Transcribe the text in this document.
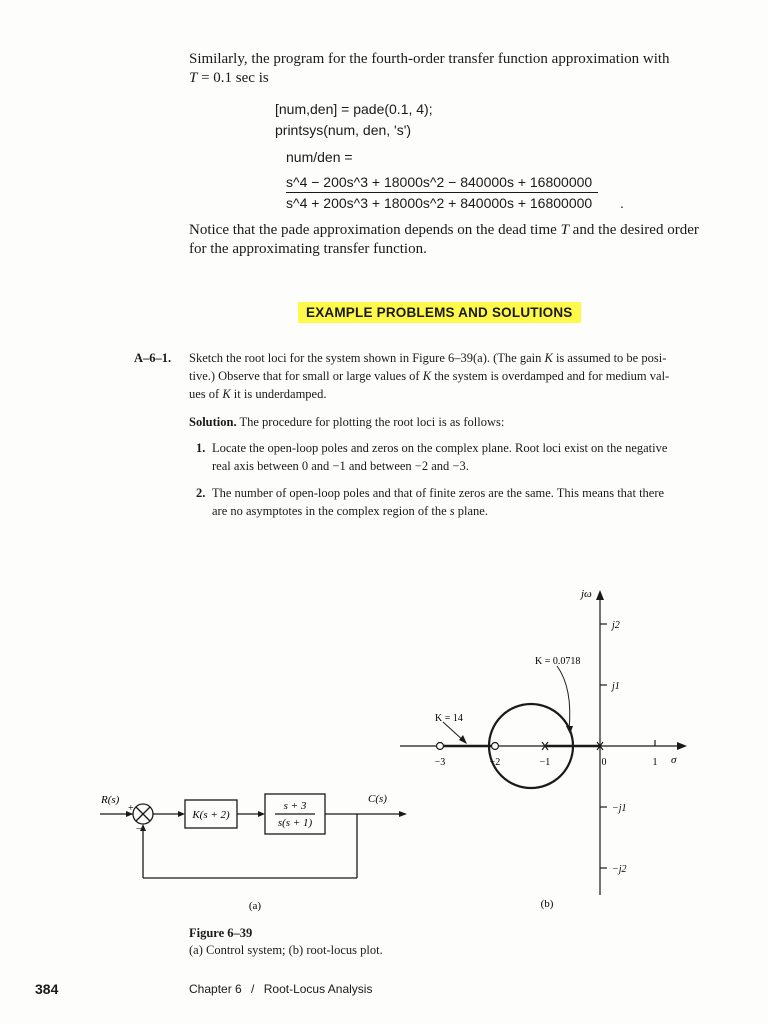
Similarly, the program for the fourth-order transfer function approximation with
T = 0.1 sec is
[num,den] = pade(0.1, 4);
printsys(num, den, 's')
num/den =
s^4 − 200s^3 + 18000s^2 − 840000s + 16800000
s^4 + 200s^3 + 18000s^2 + 840000s + 16800000 .
Notice that the pade approximation depends on the dead time T and the desired order
for the approximating transfer function.
EXAMPLE PROBLEMS AND SOLUTIONS
A–6–1. Sketch the root loci for the system shown in Figure 6–39(a). (The gain K is assumed to be posi-
tive.) Observe that for small or large values of K the system is overdamped and for medium val-
ues of K it is underdamped.
Solution. The procedure for plotting the root loci is as follows:
1. Locate the open-loop poles and zeros on the complex plane. Root loci exist on the negative
real axis between 0 and −1 and between −2 and −3.
2. The number of open-loop poles and that of finite zeros are the same. This means that there
are no asymptotes in the complex region of the s plane.
R(s)	C(s)
+
−
K(s + 2)
s + 3
s(s + 1)
(a)
jω
σ
j2
j1
−j1
−j2
−3	−2	−1	0	1
K = 0.0718
K = 14
(b)
Figure 6–39
(a) Control system; (b) root-locus plot.
384	Chapter 6 / Root-Locus Analysis
